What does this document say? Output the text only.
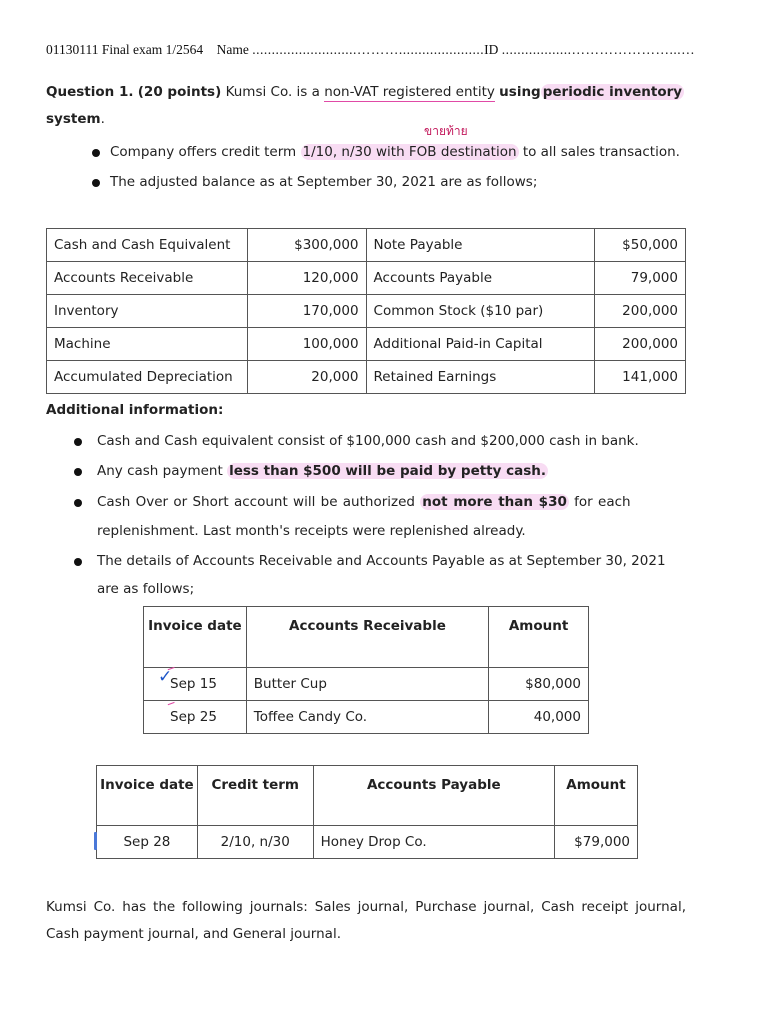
01130111 Final exam 1/2564 Name ...........................………......................ID ..................…………………...…
Question 1. (20 points) Kumsi Co. is a non-VAT registered entity using periodic inventory
system.
ขายท้าย
Company offers credit term 1/10, n/30 with FOB destination to all sales transaction.
The adjusted balance as at September 30, 2021 are as follows;
Cash and Cash Equivalent	$300,000	Note Payable	$50,000
Accounts Receivable	120,000	Accounts Payable	79,000
Inventory	170,000	Common Stock ($10 par)	200,000
Machine	100,000	Additional Paid-in Capital	200,000
Accumulated Depreciation	20,000	Retained Earnings	141,000
Additional information:
Cash and Cash equivalent consist of $100,000 cash and $200,000 cash in bank.
Any cash payment less than $500 will be paid by petty cash.
Cash Over or Short account will be authorized not more than $30 for each
replenishment. Last month's receipts were replenished already.
The details of Accounts Receivable and Accounts Payable as at September 30, 2021
are as follows;
Invoice date	Accounts Receivable	Amount
Sep 15	Butter Cup	$80,000
Sep 25	Toffee Candy Co.	40,000
✓
Invoice date	Credit term	Accounts Payable	Amount
Sep 28	2/10, n/30	Honey Drop Co.	$79,000
Kumsi Co. has the following journals: Sales journal, Purchase journal, Cash receipt journal, Cash payment journal, and General journal.
